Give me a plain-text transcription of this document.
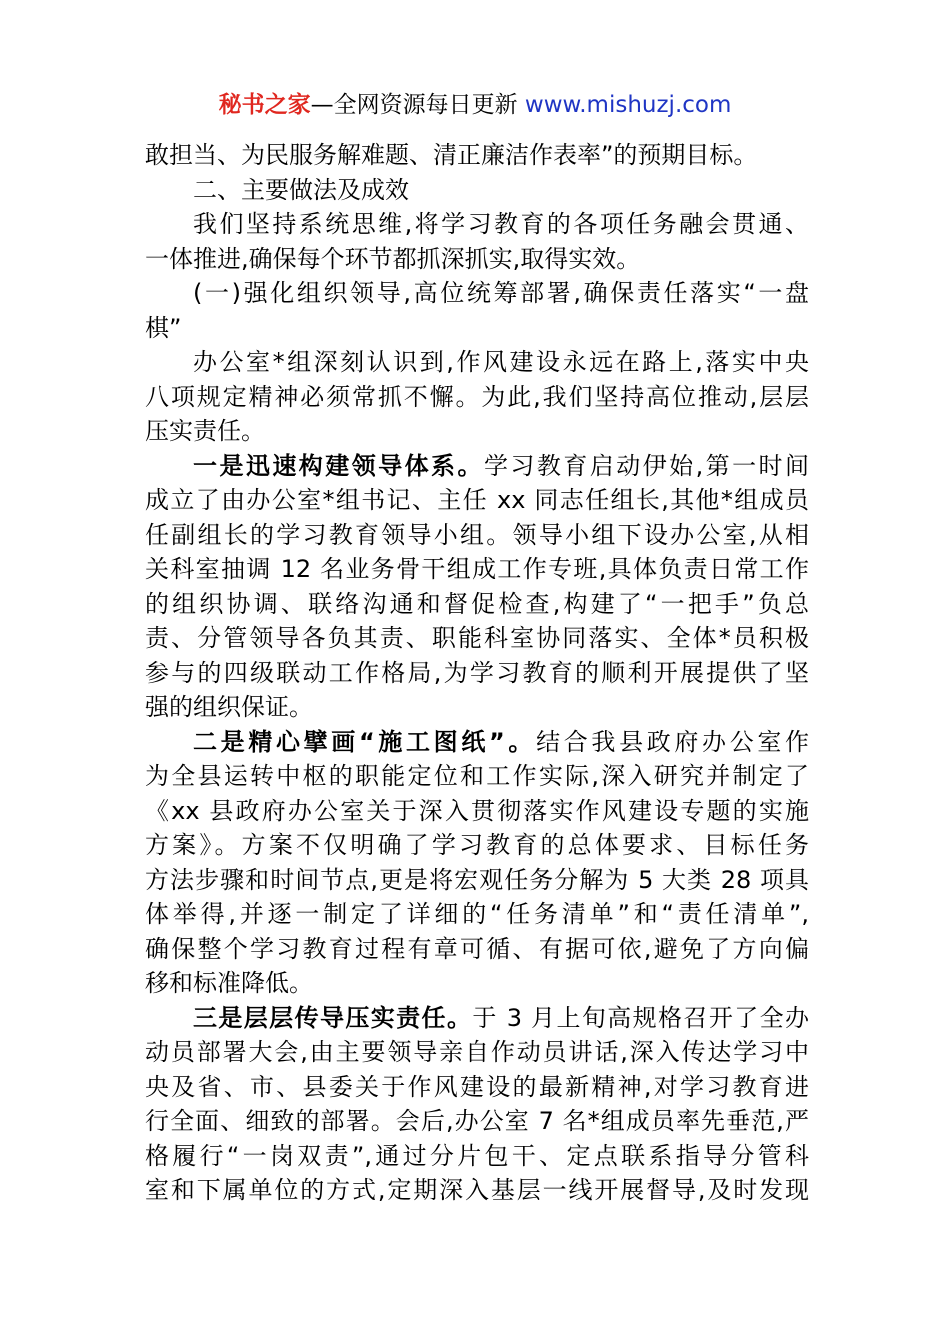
秘书之家—全网资源每日更新 www.mishuzj.com
敢担当、为民服务解难题、清正廉洁作表率”的预期目标。
二、主要做法及成效
我们坚持系统思维,将学习教育的各项任务融会贯通、
一体推进,确保每个环节都抓深抓实,取得实效。
(一)强化组织领导,高位统筹部署,确保责任落实“一盘
棋”
办公室*组深刻认识到,作风建设永远在路上,落实中央
八项规定精神必须常抓不懈。为此,我们坚持高位推动,层层
压实责任。
一是迅速构建领导体系。学习教育启动伊始,第一时间
成立了由办公室*组书记、主任 xx 同志任组长,其他*组成员
任副组长的学习教育领导小组。领导小组下设办公室,从相
关科室抽调 12 名业务骨干组成工作专班,具体负责日常工作
的组织协调、联络沟通和督促检查,构建了“一把手”负总
责、分管领导各负其责、职能科室协同落实、全体*员积极
参与的四级联动工作格局,为学习教育的顺利开展提供了坚
强的组织保证。
二是精心擘画“施工图纸”。结合我县政府办公室作
为全县运转中枢的职能定位和工作实际,深入研究并制定了
《xx 县政府办公室关于深入贯彻落实作风建设专题的实施
方案》。方案不仅明确了学习教育的总体要求、目标任务
方法步骤和时间节点,更是将宏观任务分解为 5 大类 28 项具
体举得,并逐一制定了详细的“任务清单”和“责任清单”,
确保整个学习教育过程有章可循、有据可依,避免了方向偏
移和标准降低。
三是层层传导压实责任。于 3 月上旬高规格召开了全办
动员部署大会,由主要领导亲自作动员讲话,深入传达学习中
央及省、市、县委关于作风建设的最新精神,对学习教育进
行全面、细致的部署。会后,办公室 7 名*组成员率先垂范,严
格履行“一岗双责”,通过分片包干、定点联系指导分管科
室和下属单位的方式,定期深入基层一线开展督导,及时发现
